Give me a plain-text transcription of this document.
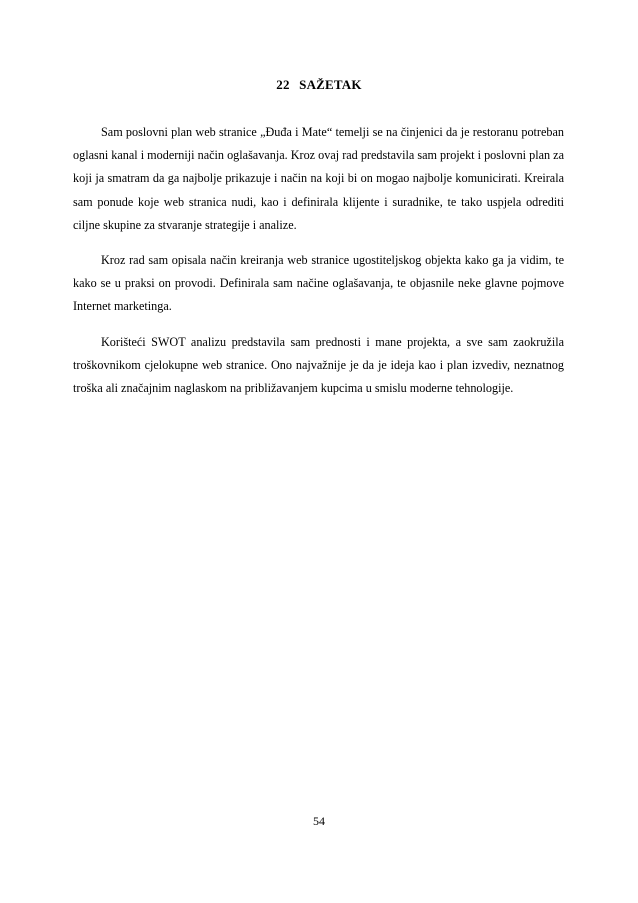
22 SAŽETAK

Sam poslovni plan web stranice „Đuđa i Mate“ temelji se na činjenici da je restoranu potreban oglasni kanal i moderniji način oglašavanja. Kroz ovaj rad predstavila sam projekt i poslovni plan za koji ja smatram da ga najbolje prikazuje i način na koji bi on mogao najbolje komunicirati. Kreirala sam ponude koje web stranica nudi, kao i definirala klijente i suradnike, te tako uspjela odrediti ciljne skupine za stvaranje strategije i analize.

Kroz rad sam opisala način kreiranja web stranice ugostiteljskog objekta kako ga ja vidim, te kako se u praksi on provodi. Definirala sam načine oglašavanja, te objasnile neke glavne pojmove Internet marketinga.

Korišteći SWOT analizu predstavila sam prednosti i mane projekta, a sve sam zaokružila troškovnikom cjelokupne web stranice. Ono najvažnije je da je ideja kao i plan izvediv, neznatnog troška ali značajnim naglaskom na približavanjem kupcima u smislu moderne tehnologije.

54
